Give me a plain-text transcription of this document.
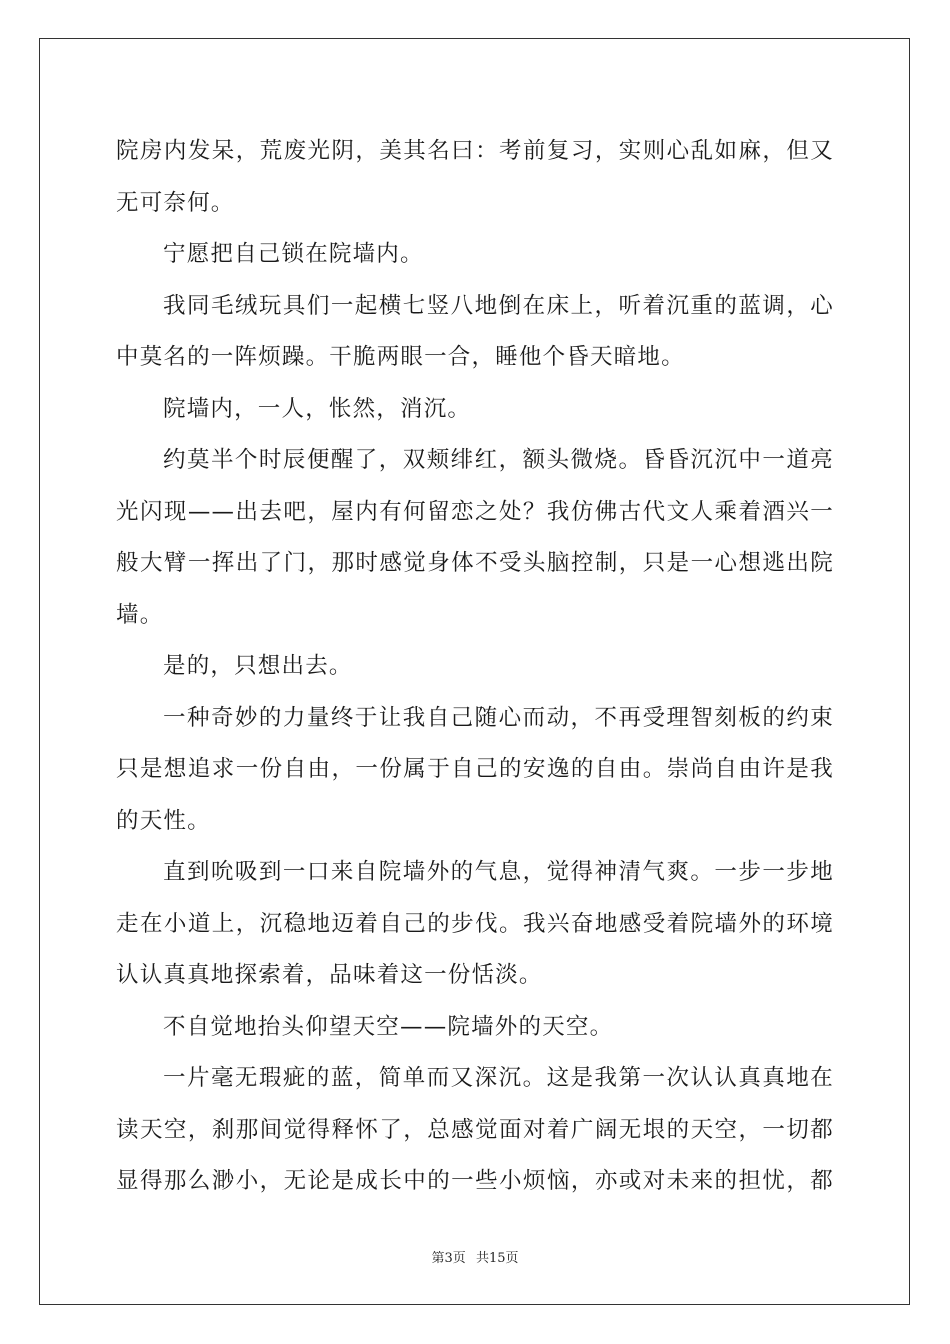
院房内发呆，荒废光阴，美其名曰：考前复习，实则心乱如麻，但又
无可奈何。
宁愿把自己锁在院墙内。
我同毛绒玩具们一起横七竖八地倒在床上，听着沉重的蓝调，心
中莫名的一阵烦躁。干脆两眼一合，睡他个昏天暗地。
院墙内，一人，怅然，消沉。
约莫半个时辰便醒了，双颊绯红，额头微烧。昏昏沉沉中一道亮
光闪现——出去吧，屋内有何留恋之处？我仿佛古代文人乘着酒兴一
般大臂一挥出了门，那时感觉身体不受头脑控制，只是一心想逃出院
墙。
是的，只想出去。
一种奇妙的力量终于让我自己随心而动，不再受理智刻板的约束
只是想追求一份自由，一份属于自己的安逸的自由。崇尚自由许是我
的天性。
直到吮吸到一口来自院墙外的气息，觉得神清气爽。一步一步地
走在小道上，沉稳地迈着自己的步伐。我兴奋地感受着院墙外的环境
认认真真地探索着，品味着这一份恬淡。
不自觉地抬头仰望天空——院墙外的天空。
一片毫无瑕疵的蓝，简单而又深沉。这是我第一次认认真真地在
读天空，刹那间觉得释怀了，总感觉面对着广阔无垠的天空，一切都
显得那么渺小，无论是成长中的一些小烦恼，亦或对未来的担忧，都
第3页 共15页
